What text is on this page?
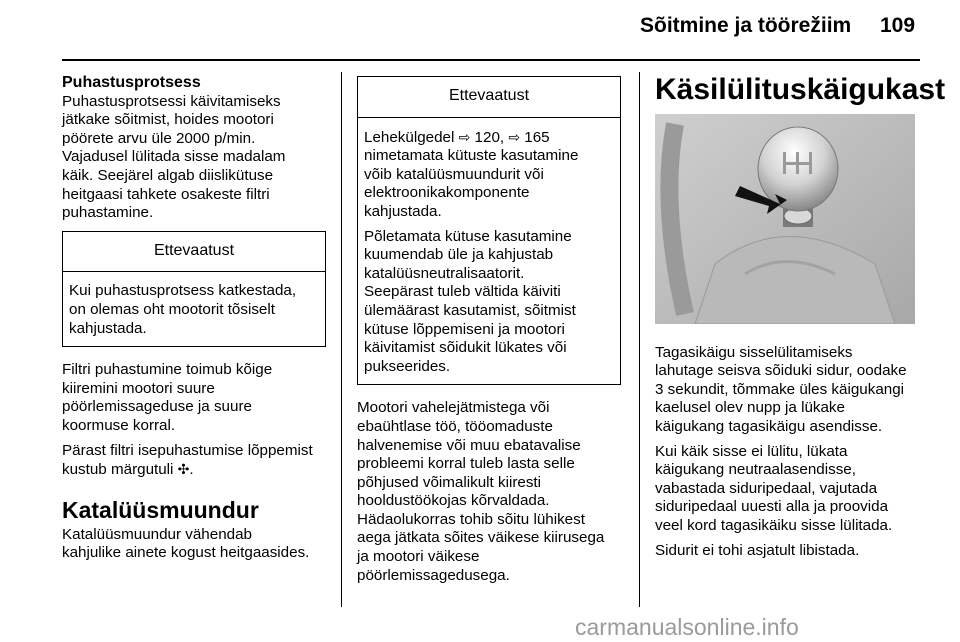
Sõitmine ja töörežiim 109

Puhastusprotsess

Puhastusprotsessi käivitamiseks
jätkake sõitmist, hoides mootori
pöörete arvu üle 2000 p/min.
Vajadusel lülitada sisse madalam
käik. Seejärel algab diislikütuse
heitgaasi tahkete osakeste filtri
puhastamine.

Ettevaatust

Kui puhastusprotsess katkestada,
on olemas oht mootorit tõsiselt
kahjustada.

Filtri puhastumine toimub kõige
kiiremini mootori suure
pöörlemissageduse ja suure
koormuse korral.

Pärast filtri isepuhastumise lõppemist
kustub märgutuli ✣.

Katalüüsmuundur

Katalüüsmuundur vähendab
kahjulike ainete kogust heitgaasides.

Ettevaatust

Lehekülgedel ⇨ 120, ⇨ 165
nimetamata kütuste kasutamine
võib katalüüsmuundurit või
elektroonikakomponente
kahjustada.

Põletamata kütuse kasutamine
kuumendab üle ja kahjustab
katalüüsneutralisaatorit.
Seepärast tuleb vältida käiviti
ülemäärast kasutamist, sõitmist
kütuse lõppemiseni ja mootori
käivitamist sõidukit lükates või
pukseerides.

Mootori vahelejätmistega või
ebaühtlase töö, tööomaduste
halvenemise või muu ebatavalise
probleemi korral tuleb lasta selle
põhjused võimalikult kiiresti
hooldustöökojas kõrvaldada.
Hädaolukorras tohib sõitu lühikest
aega jätkata sõites väikese kiirusega
ja mootori väikese
pöörlemissagedusega.

Käsilülituskäigukast

Tagasikäigu sisselülitamiseks
lahutage seisva sõiduki sidur, oodake
3 sekundit, tõmmake üles käigukangi
kaelusel olev nupp ja lükake
käigukang tagasikäigu asendisse.

Kui käik sisse ei lülitu, lükata
käigukang neutraalasendisse,
vabastada siduripedaal, vajutada
siduripedaal uuesti alla ja proovida
veel kord tagasikäiku sisse lülitada.

Sidurit ei tohi asjatult libistada.

carmanualsonline.info
